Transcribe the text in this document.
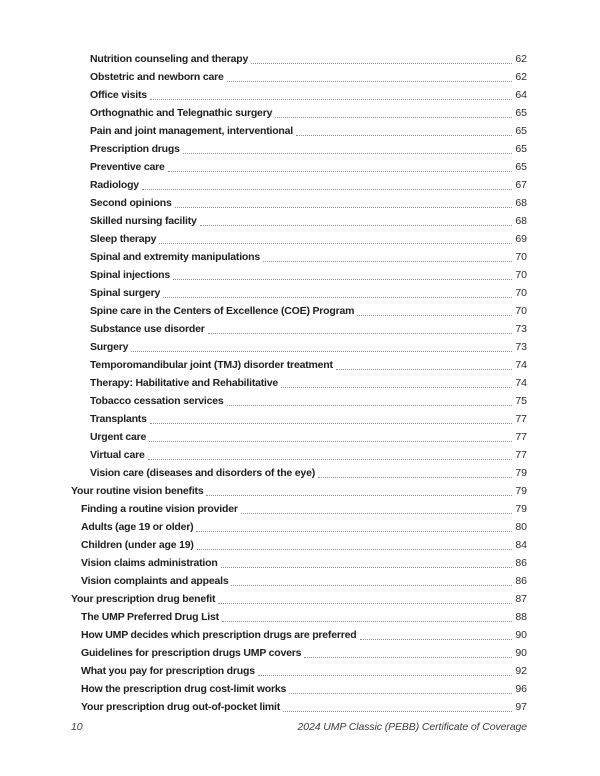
Nutrition counseling and therapy	62
Obstetric and newborn care	62
Office visits	64
Orthognathic and Telegnathic surgery	65
Pain and joint management, interventional	65
Prescription drugs	65
Preventive care	65
Radiology	67
Second opinions	68
Skilled nursing facility	68
Sleep therapy	69
Spinal and extremity manipulations	70
Spinal injections	70
Spinal surgery	70
Spine care in the Centers of Excellence (COE) Program	70
Substance use disorder	73
Surgery	73
Temporomandibular joint (TMJ) disorder treatment	74
Therapy: Habilitative and Rehabilitative	74
Tobacco cessation services	75
Transplants	77
Urgent care	77
Virtual care	77
Vision care (diseases and disorders of the eye)	79
Your routine vision benefits	79
Finding a routine vision provider	79
Adults (age 19 or older)	80
Children (under age 19)	84
Vision claims administration	86
Vision complaints and appeals	86
Your prescription drug benefit	87
The UMP Preferred Drug List	88
How UMP decides which prescription drugs are preferred	90
Guidelines for prescription drugs UMP covers	90
What you pay for prescription drugs	92
How the prescription drug cost-limit works	96
Your prescription drug out-of-pocket limit	97
10	2024 UMP Classic (PEBB) Certificate of Coverage
